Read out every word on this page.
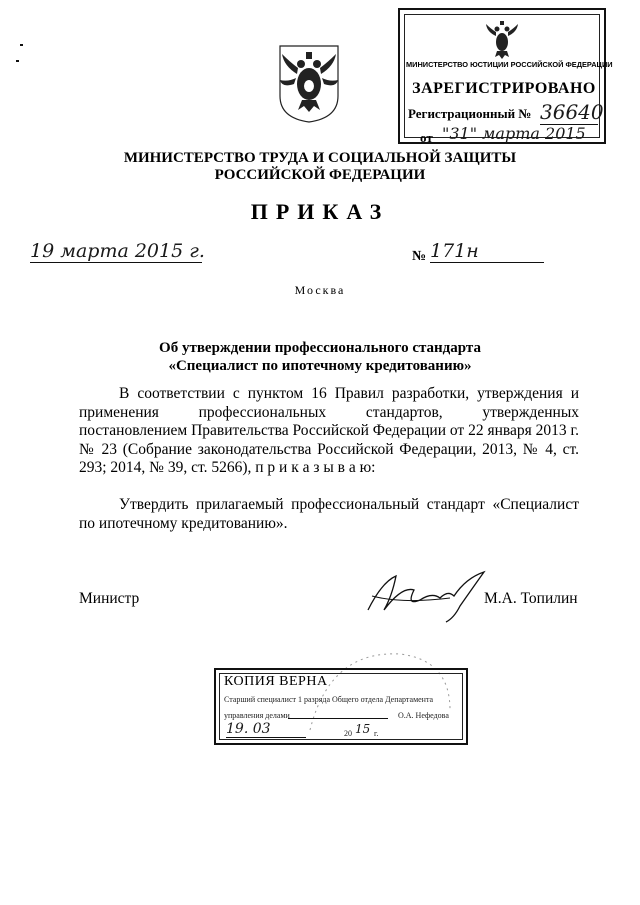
МИНИСТЕРСТВО ЮСТИЦИИ РОССИЙСКОЙ ФЕДЕРАЦИИ
ЗАРЕГИСТРИРОВАНО
Регистрационный № 36640
от "31" марта 2015
МИНИСТЕРСТВО ТРУДА И СОЦИАЛЬНОЙ ЗАЩИТЫ
РОССИЙСКОЙ ФЕДЕРАЦИИ
ПРИКАЗ
19 марта 2015 г.	№ 171н
Москва
Об утверждении профессионального стандарта
«Специалист по ипотечному кредитованию»
В соответствии с пунктом 16 Правил разработки, утверждения и применения профессиональных стандартов, утвержденных постановлением Правительства Российской Федерации от 22 января 2013 г. № 23 (Собрание законодательства Российской Федерации, 2013, № 4, ст. 293; 2014, № 39, ст. 5266), п р и к а з ы в а ю:
Утвердить прилагаемый профессиональный стандарт «Специалист по ипотечному кредитованию».
Министр	М.А. Топилин
КОПИЯ ВЕРНА
Старший специалист 1 разряда Общего отдела Департамента
управления делами	О.А. Нефедова
19. 03	20 15 г.
